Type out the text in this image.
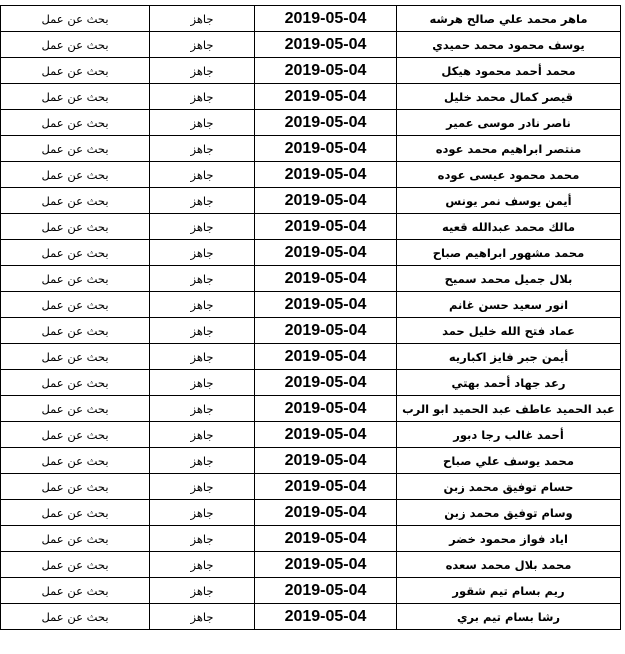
ماهر محمد علي صالح هرشه	2019-05-04	جاهز	بحث عن عمل
يوسف محمود محمد حميدي	2019-05-04	جاهز	بحث عن عمل
محمد أحمد محمود هيكل	2019-05-04	جاهز	بحث عن عمل
قيصر كمال محمد خليل	2019-05-04	جاهز	بحث عن عمل
ناصر نادر موسى عمير	2019-05-04	جاهز	بحث عن عمل
منتصر ابراهيم محمد عوده	2019-05-04	جاهز	بحث عن عمل
محمد محمود عيسى عوده	2019-05-04	جاهز	بحث عن عمل
أيمن يوسف نمر يونس	2019-05-04	جاهز	بحث عن عمل
مالك محمد عبدالله قعيه	2019-05-04	جاهز	بحث عن عمل
محمد مشهور ابراهيم صباح	2019-05-04	جاهز	بحث عن عمل
بلال جميل محمد سميح	2019-05-04	جاهز	بحث عن عمل
انور سعيد حسن غانم	2019-05-04	جاهز	بحث عن عمل
عماد فتح الله خليل حمد	2019-05-04	جاهز	بحث عن عمل
أيمن جبر فايز اكباريه	2019-05-04	جاهز	بحث عن عمل
رعد جهاد أحمد بهتي	2019-05-04	جاهز	بحث عن عمل
عبد الحميد عاطف عبد الحميد ابو الرب	2019-05-04	جاهز	بحث عن عمل
أحمد غالب رجا دبور	2019-05-04	جاهز	بحث عن عمل
محمد يوسف علي صباح	2019-05-04	جاهز	بحث عن عمل
حسام توفيق محمد زبن	2019-05-04	جاهز	بحث عن عمل
وسام توفيق محمد زبن	2019-05-04	جاهز	بحث عن عمل
اياد فواز محمود خضر	2019-05-04	جاهز	بحث عن عمل
محمد بلال محمد سعده	2019-05-04	جاهز	بحث عن عمل
ريم بسام تيم شقور	2019-05-04	جاهز	بحث عن عمل
رشا بسام تيم بري	2019-05-04	جاهز	بحث عن عمل
